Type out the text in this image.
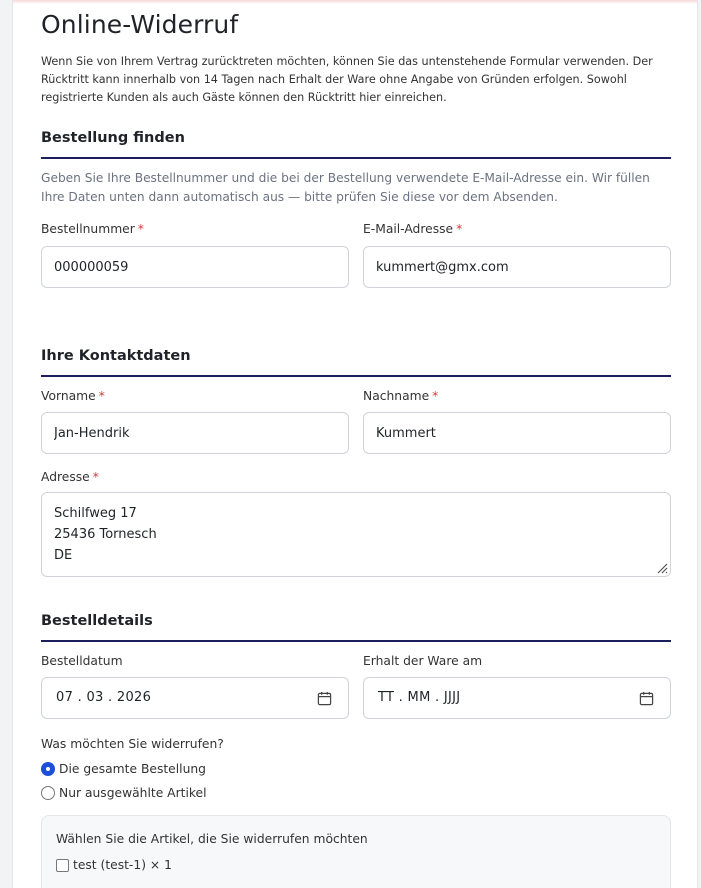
Online-Widerruf

Wenn Sie von Ihrem Vertrag zurücktreten möchten, können Sie das untenstehende Formular verwenden. Der Rücktritt kann innerhalb von 14 Tagen nach Erhalt der Ware ohne Angabe von Gründen erfolgen. Sowohl registrierte Kunden als auch Gäste können den Rücktritt hier einreichen.

Bestellung finden

Geben Sie Ihre Bestellnummer und die bei der Bestellung verwendete E-Mail-Adresse ein. Wir füllen Ihre Daten unten dann automatisch aus — bitte prüfen Sie diese vor dem Absenden.

Bestellnummer *
000000059	E-Mail-Adresse *
kummert@gmx.com
Ihre Kontaktdaten
Vorname *
Jan-Hendrik	Nachname *
Kummert
Adresse *
Schilfweg 17 25436 Tornesch DE
Bestelldetails
Bestelldatum
07 . 03 . 2026
Erhalt der Ware am
TT . MM . JJJJ
Was möchten Sie widerrufen?
Die gesamte Bestellung
Nur ausgewählte Artikel
Wählen Sie die Artikel, die Sie widerrufen möchten
test (test-1) × 1
